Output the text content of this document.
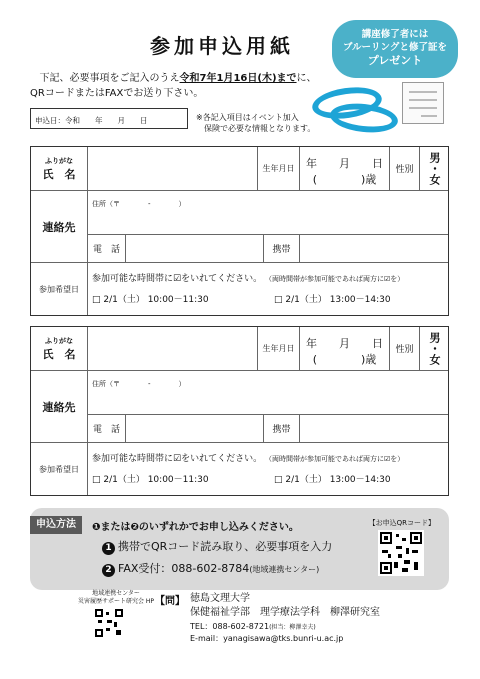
参加申込用紙	講座修了者には
ブルーリングと修了証を
プレゼント
下記、必要事項をご記入のうえ令和7年1月16日(木)までに、
QRコードまたはFAXでお送り下さい。
申込日：令和　　年　　月　　日	※各記入項目はイベント加入
保険で必要な情報となります。
ふりがな
氏　名	生年月日	年　　月　　日
(　　　　)歳
性別	男・女
連絡先
住所（〒　　　　-　　　　）
電　話	携帯
参加希望日
参加可能な時間帯に☑をいれてください。 （両時間帯が参加可能であれば両方に☑を）
□ 2/1（土） 10:00－11:30	□ 2/1（土） 13:00－14:30
ふりがな
氏　名	生年月日	年　　月　　日
(　　　　)歳
性別	男・女
連絡先
住所（〒　　　　-　　　　）
電　話	携帯
参加希望日
参加可能な時間帯に☑をいれてください。 （両時間帯が参加可能であれば両方に☑を）
□ 2/1（土） 10:00－11:30	□ 2/1（土） 13:00－14:30
申込方法	❶または❷のいずれかでお申し込みください。
1 携帯でQRコード読み取り、必要事項を入力
2 FAX受付：088-602-8784(地域連携センター)
【お申込QRコード】
地域連携センター
災害履歴サポート研究会 HP 【問】 徳島文理大学
保健福祉学部　理学療法学科　柳澤研究室
TEL：088-602-8721(担当：柳澤幸夫)
E-mail：yanagisawa@tks.bunri-u.ac.jp
